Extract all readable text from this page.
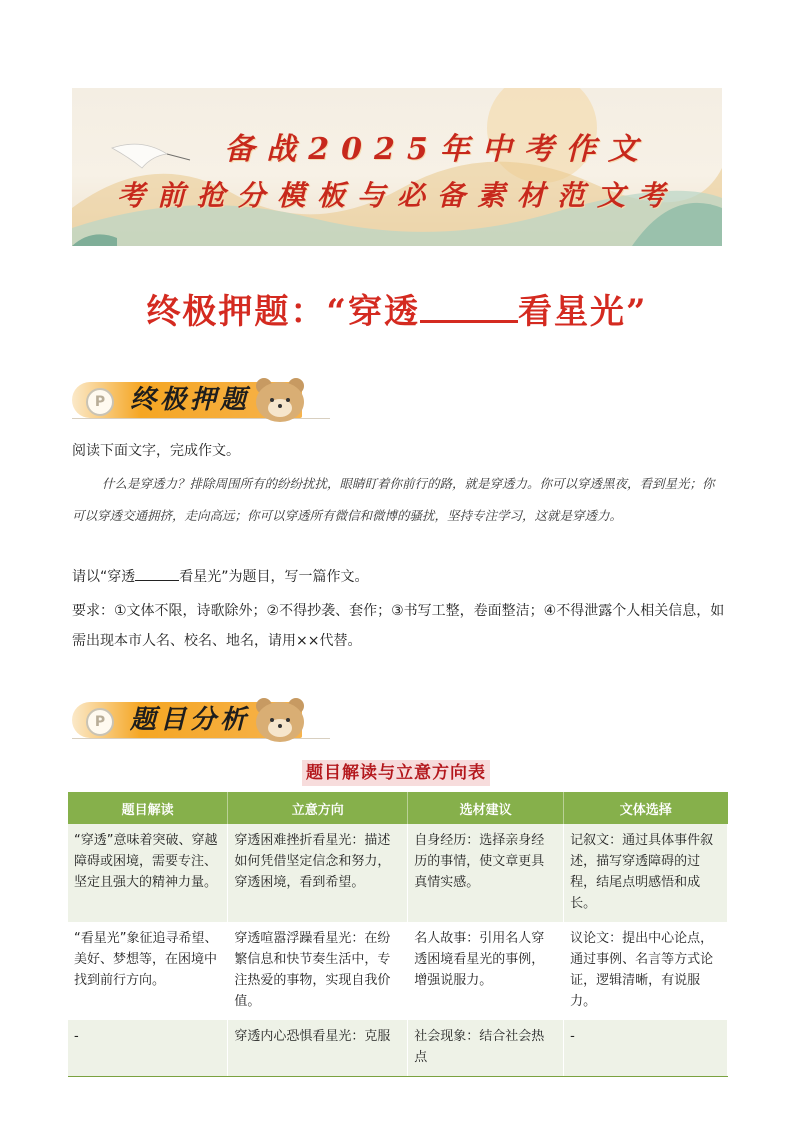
备战2025年中考作文
考前抢分模板与必备素材范文考
终极押题：“穿透	看星光”
P 终极押题
阅读下面文字，完成作文。
什么是穿透力？排除周围所有的纷纷扰扰，眼睛盯着你前行的路，就是穿透力。你可以穿透黑夜，看到星光；你可以穿透交通拥挤，走向高远；你可以穿透所有微信和微博的骚扰，坚持专注学习，这就是穿透力。
请以“穿透	看星光”为题目，写一篇作文。
要求：①文体不限，诗歌除外；②不得抄袭、套作；③书写工整，卷面整洁；④不得泄露个人相关信息，如需出现本市人名、校名、地名，请用××代替。
P 题目分析
题目解读与立意方向表
题目解读	立意方向	选材建议	文体选择
“穿透”意味着突破、穿越障碍或困境，需要专注、坚定且强大的精神力量。	穿透困难挫折看星光：描述如何凭借坚定信念和努力，穿透困境，看到希望。	自身经历：选择亲身经历的事情，使文章更具真情实感。	记叙文：通过具体事件叙述，描写穿透障碍的过程，结尾点明感悟和成长。
“看星光”象征追寻希望、美好、梦想等，在困境中找到前行方向。	穿透喧嚣浮躁看星光：在纷繁信息和快节奏生活中，专注热爱的事物，实现自我价值。	名人故事：引用名人穿透困境看星光的事例，增强说服力。	议论文：提出中心论点，通过事例、名言等方式论证，逻辑清晰，有说服力。
-	穿透内心恐惧看星光：克服	社会现象：结合社会热点	-
